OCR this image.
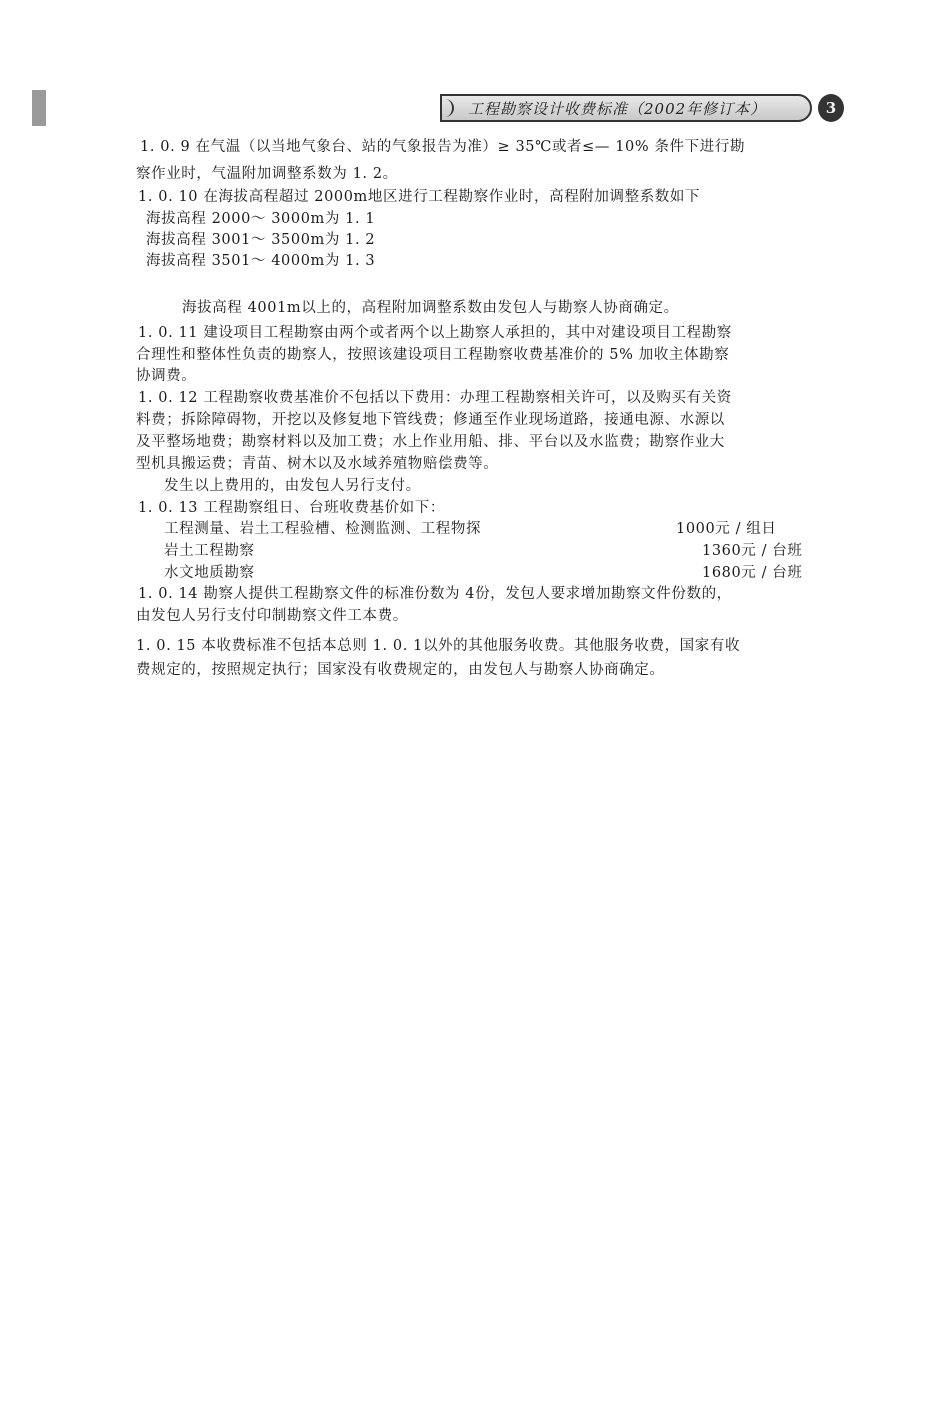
工程勘察设计收费标准（2002年修订本）	3
1. 0. 9 在气温（以当地气象台、站的气象报告为准）≥ 35℃或者≤— 10% 条件下进行勘
察作业时，气温附加调整系数为 1. 2。
1. 0. 10 在海拔高程超过 2000m地区进行工程勘察作业时，高程附加调整系数如下
海拔高程 2000～ 3000m为 1. 1
海拔高程 3001～ 3500m为 1. 2
海拔高程 3501～ 4000m为 1. 3
海拔高程 4001m以上的，高程附加调整系数由发包人与勘察人协商确定。
1. 0. 11 建设项目工程勘察由两个或者两个以上勘察人承担的，其中对建设项目工程勘察
合理性和整体性负责的勘察人，按照该建设项目工程勘察收费基准价的 5% 加收主体勘察
协调费。
1. 0. 12 工程勘察收费基准价不包括以下费用：办理工程勘察相关许可，以及购买有关资
料费；拆除障碍物，开挖以及修复地下管线费；修通至作业现场道路，接通电源、水源以
及平整场地费；勘察材料以及加工费；水上作业用船、排、平台以及水监费；勘察作业大
型机具搬运费；青苗、树木以及水域养殖物赔偿费等。
发生以上费用的，由发包人另行支付。
1. 0. 13 工程勘察组日、台班收费基价如下：
工程测量、岩土工程验槽、检测监测、工程物探	1000元 / 组日
岩土工程勘察	1360元 / 台班
水文地质勘察	1680元 / 台班
1. 0. 14 勘察人提供工程勘察文件的标准份数为 4份，发包人要求增加勘察文件份数的，
由发包人另行支付印制勘察文件工本费。
1. 0. 15 本收费标准不包括本总则 1. 0. 1以外的其他服务收费。其他服务收费，国家有收
费规定的，按照规定执行；国家没有收费规定的，由发包人与勘察人协商确定。
